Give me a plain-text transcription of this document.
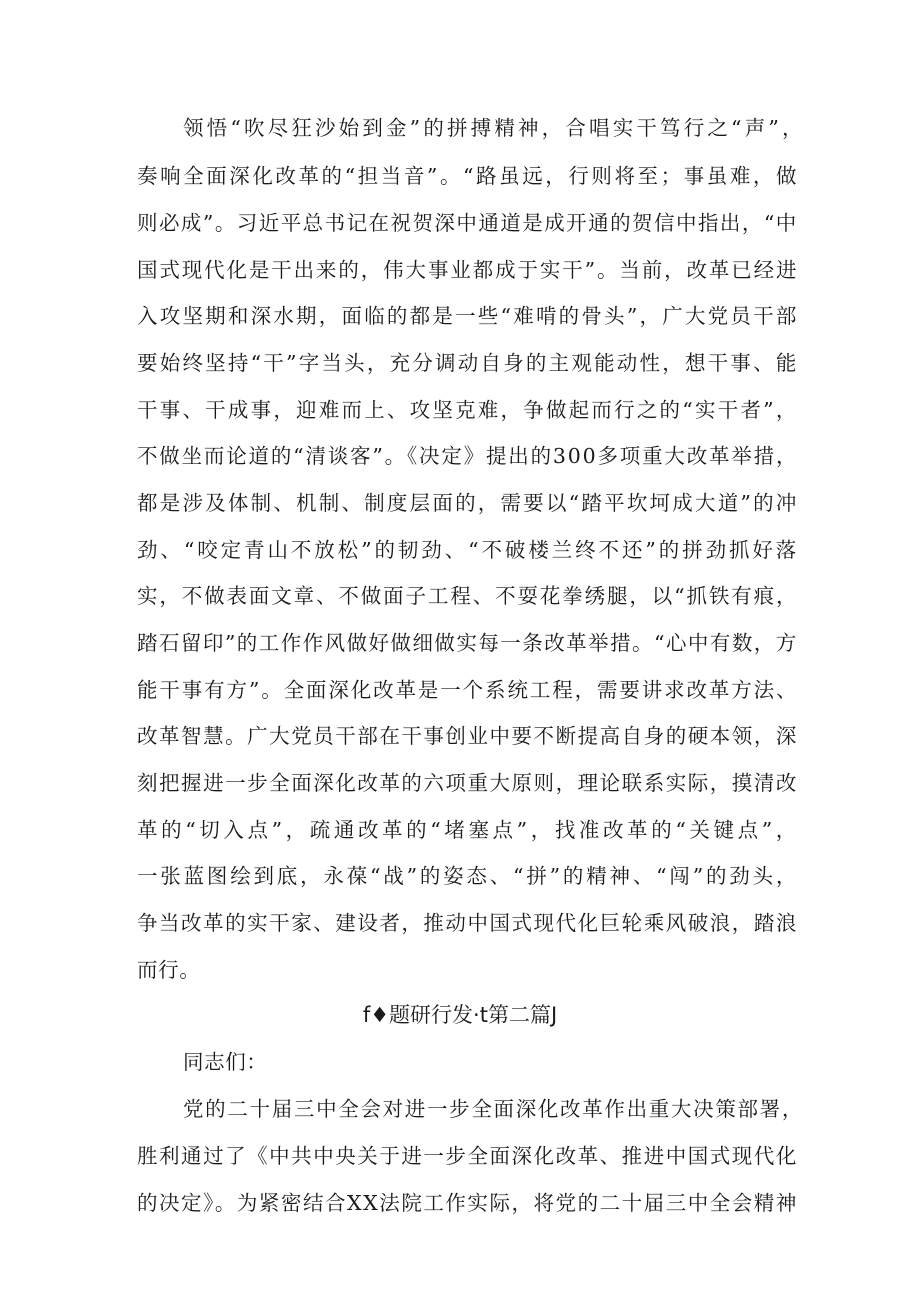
领悟“吹尽狂沙始到金”的拼搏精神，合唱实干笃行之“声”，
奏响全面深化改革的“担当音”。“路虽远，行则将至；事虽难，做
则必成”。习近平总书记在祝贺深中通道是成开通的贺信中指出，“中
国式现代化是干出来的，伟大事业都成于实干”。当前，改革已经进
入攻坚期和深水期，面临的都是一些“难啃的骨头”，广大党员干部
要始终坚持“干”字当头，充分调动自身的主观能动性，想干事、能
干事、干成事，迎难而上、攻坚克难，争做起而行之的“实干者”，
不做坐而论道的“清谈客”。《决定》提出的300多项重大改革举措，
都是涉及体制、机制、制度层面的，需要以“踏平坎坷成大道”的冲
劲、“咬定青山不放松”的韧劲、“不破楼兰终不还”的拼劲抓好落
实，不做表面文章、不做面子工程、不耍花拳绣腿，以“抓铁有痕，
踏石留印”的工作作风做好做细做实每一条改革举措。“心中有数，方
能干事有方”。全面深化改革是一个系统工程，需要讲求改革方法、
改革智慧。广大党员干部在干事创业中要不断提高自身的硬本领，深
刻把握进一步全面深化改革的六项重大原则，理论联系实际，摸清改
革的“切入点”，疏通改革的“堵塞点”，找准改革的“关键点”，
一张蓝图绘到底，永葆“战”的姿态、“拼”的精神、“闯”的劲头，
争当改革的实干家、建设者，推动中国式现代化巨轮乘风破浪，踏浪
而行。
f♦题研行发·t第二篇J
同志们：
党的二十届三中全会对进一步全面深化改革作出重大决策部署，
胜利通过了《中共中央关于进一步全面深化改革、推进中国式现代化
的决定》。为紧密结合XX法院工作实际，将党的二十届三中全会精神
